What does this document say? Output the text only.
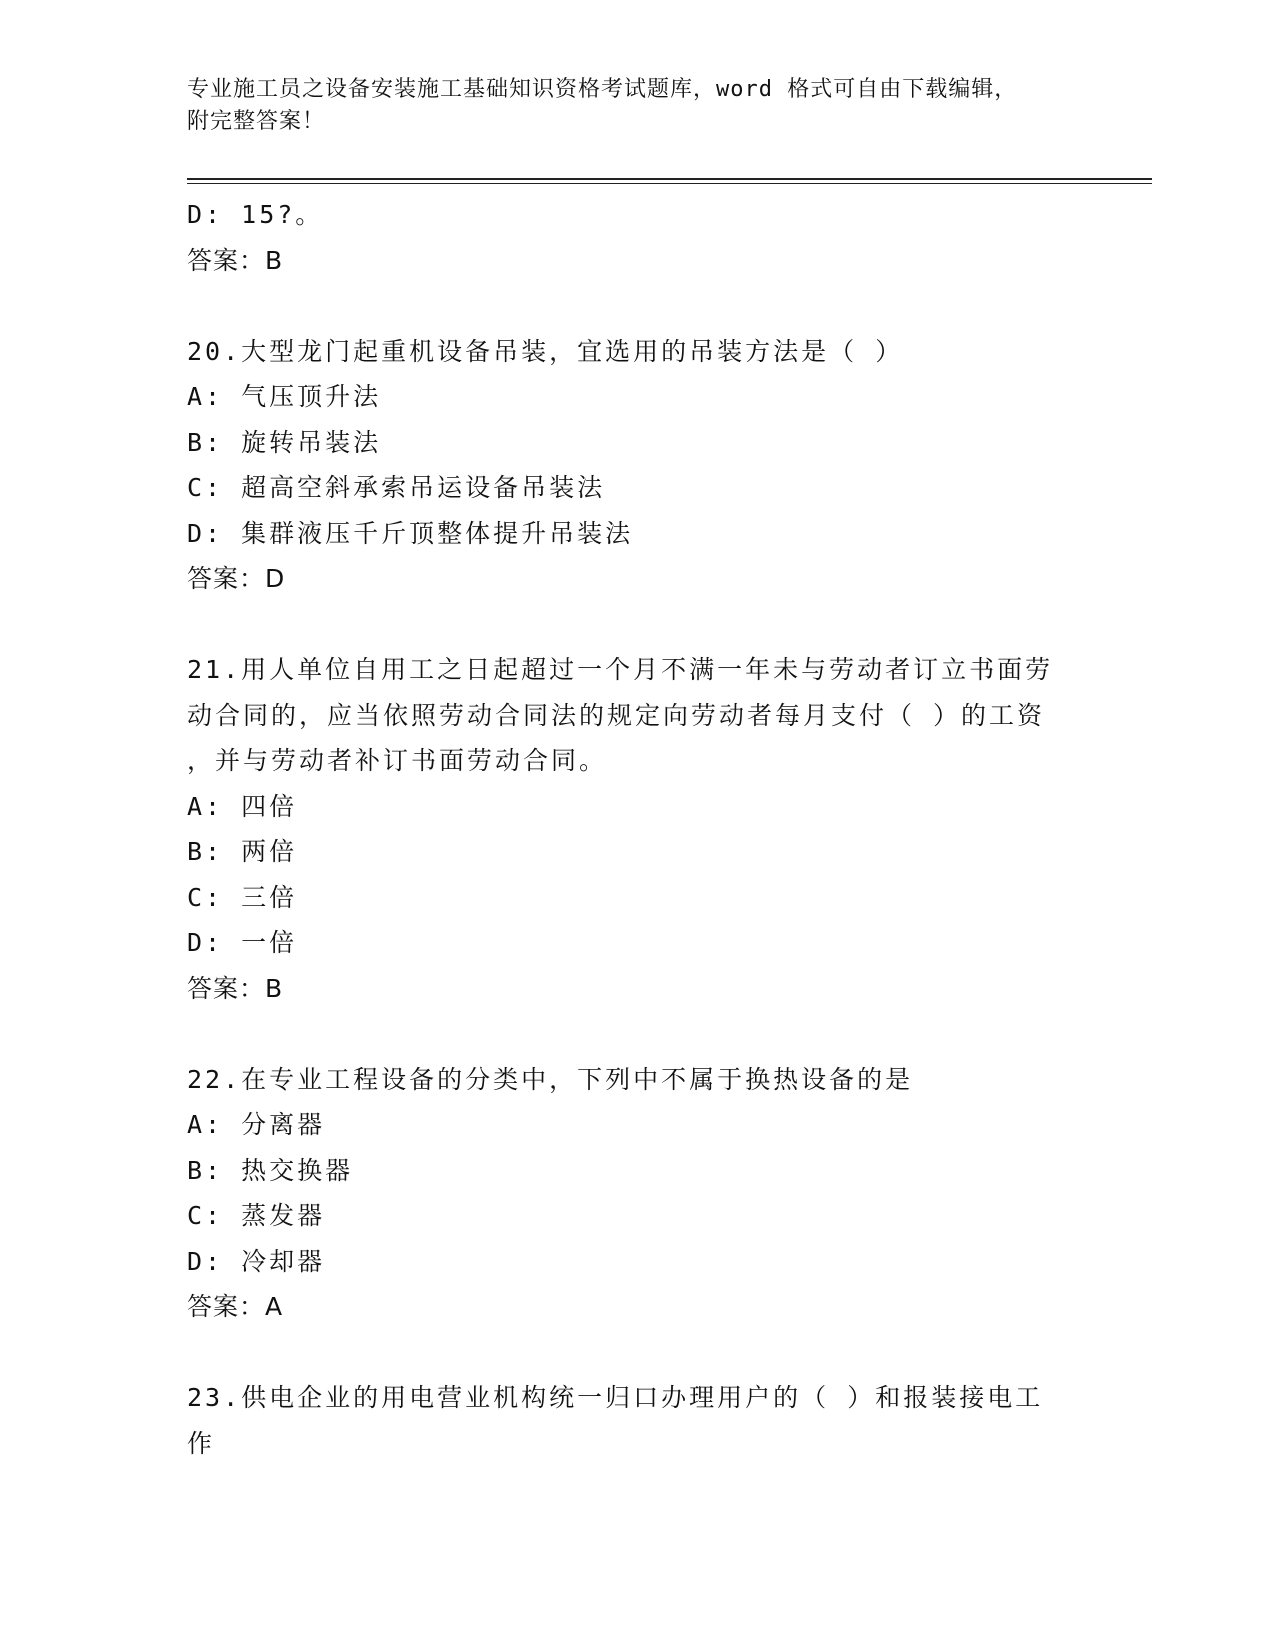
专业施工员之设备安装施工基础知识资格考试题库，word 格式可自由下载编辑，
附完整答案！
D: 15?。
答案：B
20.大型龙门起重机设备吊装，宜选用的吊装方法是（ ）
A: 气压顶升法
B: 旋转吊装法
C: 超高空斜承索吊运设备吊装法
D: 集群液压千斤顶整体提升吊装法
答案：D
21.用人单位自用工之日起超过一个月不满一年未与劳动者订立书面劳
动合同的，应当依照劳动合同法的规定向劳动者每月支付（ ）的工资
，并与劳动者补订书面劳动合同。
A: 四倍
B: 两倍
C: 三倍
D: 一倍
答案：B
22.在专业工程设备的分类中，下列中不属于换热设备的是
A: 分离器
B: 热交换器
C: 蒸发器
D: 冷却器
答案：A
23.供电企业的用电营业机构统一归口办理用户的（ ）和报装接电工
作
